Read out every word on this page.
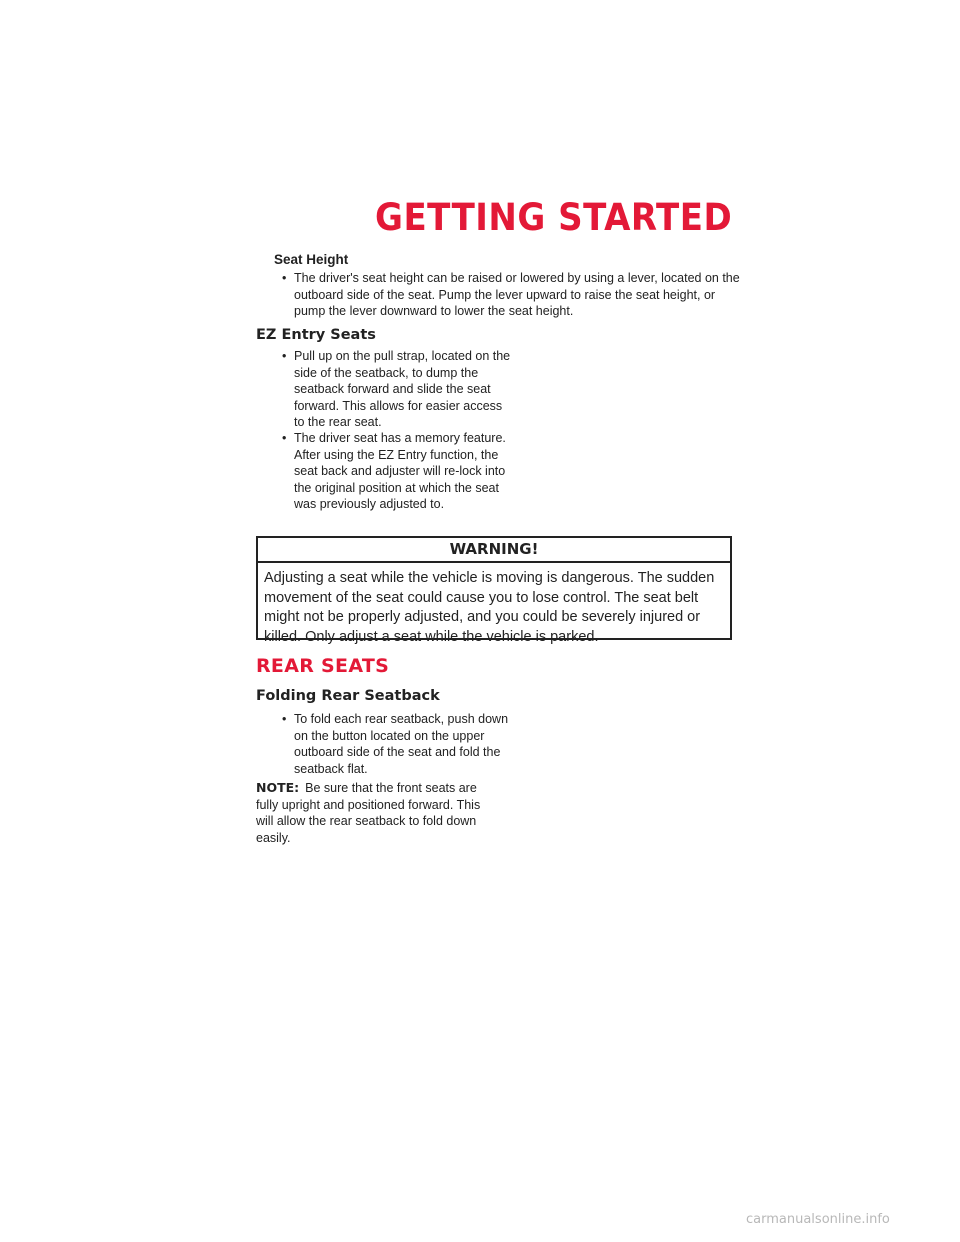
GETTING STARTED
Seat Height
• The driver's seat height can be raised or lowered by using a lever, located on the outboard side of the seat. Pump the lever upward to raise the seat height, or pump the lever downward to lower the seat height.
EZ Entry Seats
• Pull up on the pull strap, located on the side of the seatback, to dump the seatback forward and slide the seat forward. This allows for easier access to the rear seat.
• The driver seat has a memory feature. After using the EZ Entry function, the seat back and adjuster will re-lock into the original position at which the seat was previously adjusted to.
WARNING!
Adjusting a seat while the vehicle is moving is dangerous. The sudden movement of the seat could cause you to lose control. The seat belt might not be properly adjusted, and you could be severely injured or killed. Only adjust a seat while the vehicle is parked.
REAR SEATS
Folding Rear Seatback
• To fold each rear seatback, push down on the button located on the upper outboard side of the seat and fold the seatback flat.
NOTE: Be sure that the front seats are fully upright and positioned forward. This will allow the rear seatback to fold down easily.
carmanualsonline.info
